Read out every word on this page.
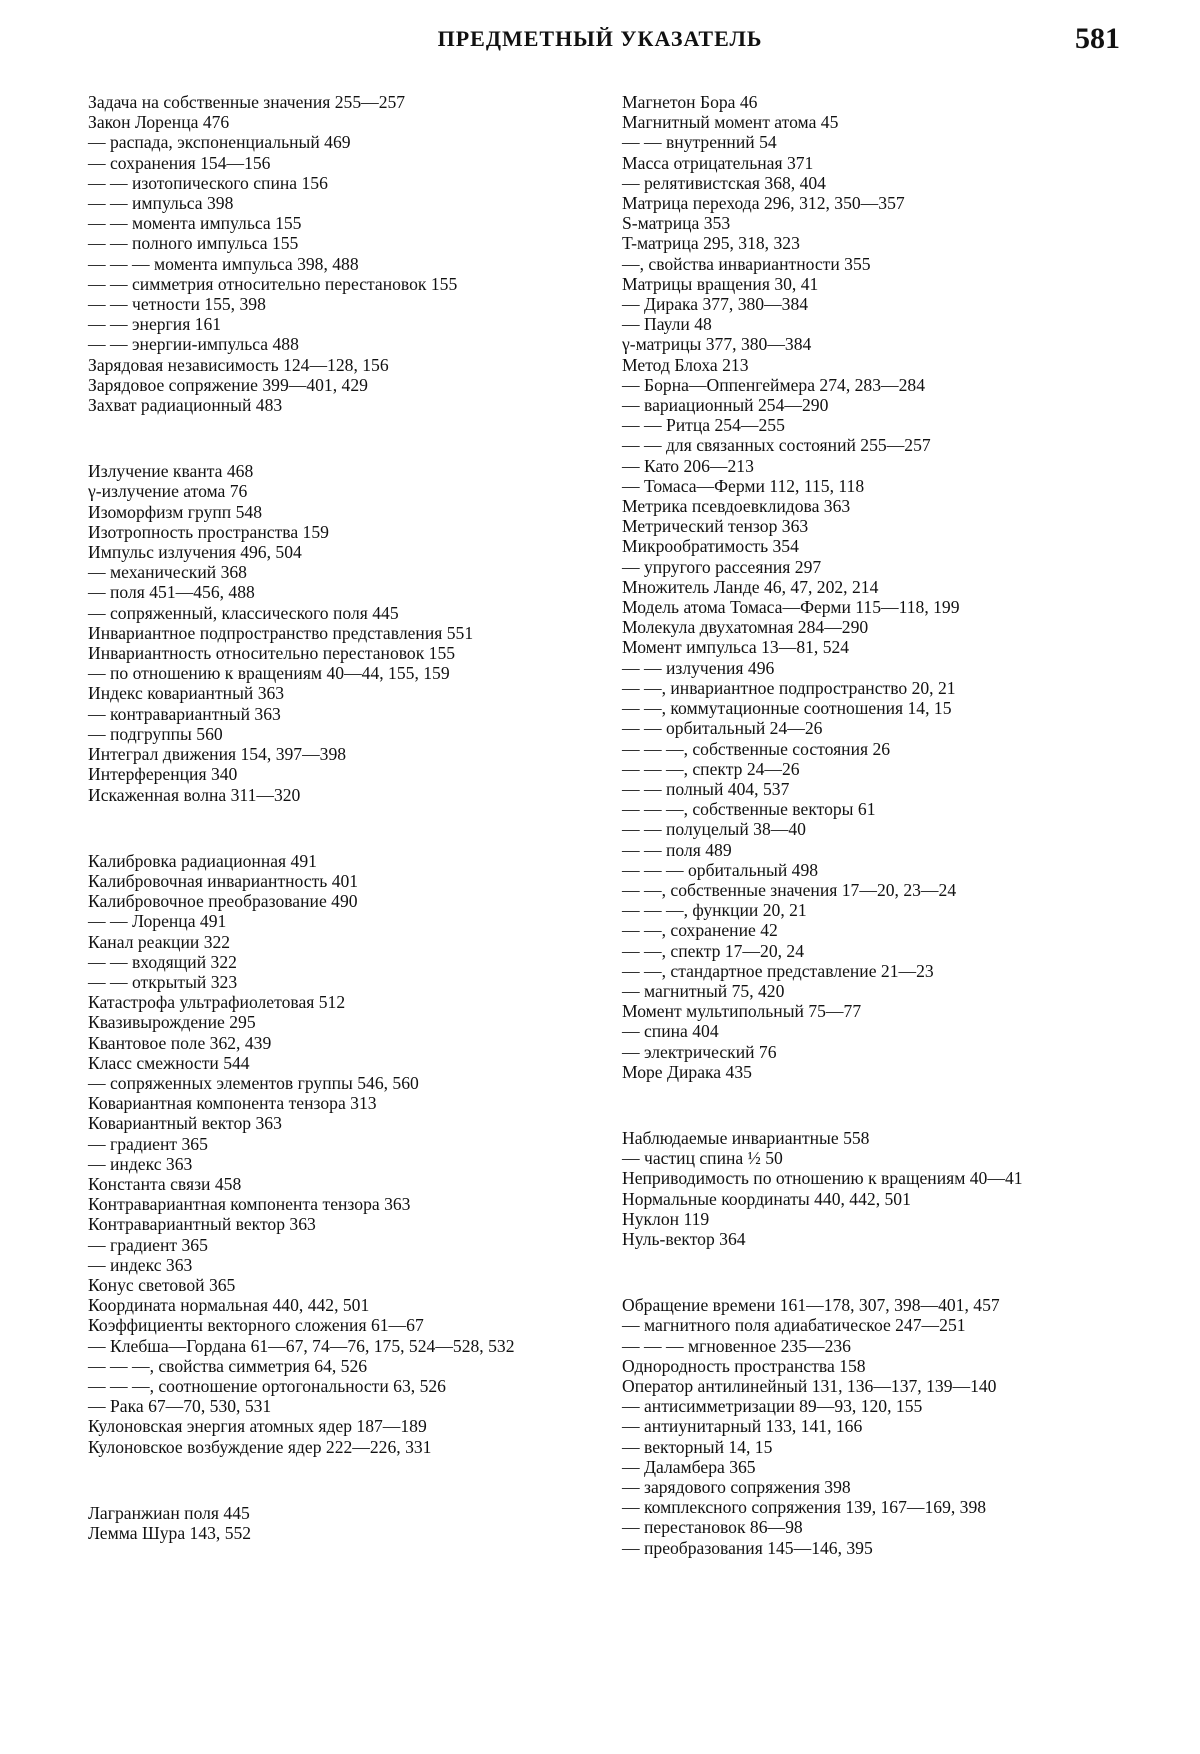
ПРЕДМЕТНЫЙ УКАЗАТЕЛЬ	581

Задача на собственные значения 255—257

Закон Лоренца 476

— распада, экспоненциальный 469

— сохранения 154—156

— — изотопического спина 156

— — импульса 398

— — момента импульса 155

— — полного импульса 155

— — — момента импульса 398, 488

— — симметрия относительно перестановок 155

— — четности 155, 398

— — энергия 161

— — энергии-импульса 488

Зарядовая независимость 124—128, 156

Зарядовое сопряжение 399—401, 429

Захват радиационный 483

Излучение кванта 468

γ-излучение атома 76

Изоморфизм групп 548

Изотропность пространства 159

Импульс излучения 496, 504

— механический 368

— поля 451—456, 488

— сопряженный, классического поля 445

Инвариантное подпространство представления 551

Инвариантность относительно перестановок 155

— по отношению к вращениям 40—44, 155, 159

Индекс ковариантный 363

— контравариантный 363

— подгруппы 560

Интеграл движения 154, 397—398

Интерференция 340

Искаженная волна 311—320

Калибровка радиационная 491

Калибровочная инвариантность 401

Калибровочное преобразование 490

— — Лоренца 491

Канал реакции 322

— — входящий 322

— — открытый 323

Катастрофа ультрафиолетовая 512

Квазивырождение 295

Квантовое поле 362, 439

Класс смежности 544

— сопряженных элементов группы 546, 560

Ковариантная компонента тензора 313

Ковариантный вектор 363

— градиент 365

— индекс 363

Константа связи 458

Контравариантная компонента тензора 363

Контравариантный вектор 363

— градиент 365

— индекс 363

Конус световой 365

Координата нормальная 440, 442, 501

Коэффициенты векторного сложения 61—67

— Клебша—Гордана 61—67, 74—76, 175, 524—528, 532

— — —, свойства симметрия 64, 526

— — —, соотношение ортогональности 63, 526

— Рака 67—70, 530, 531

Кулоновская энергия атомных ядер 187—189

Кулоновское возбуждение ядер 222—226, 331

Лагранжиан поля 445

Лемма Шура 143, 552

Магнетон Бора 46

Магнитный момент атома 45

— — внутренний 54

Масса отрицательная 371

— релятивистская 368, 404

Матрица перехода 296, 312, 350—357

S-матрица 353

T-матрица 295, 318, 323

—, свойства инвариантности 355

Матрицы вращения 30, 41

— Дирака 377, 380—384

— Паули 48

γ-матрицы 377, 380—384

Метод Блоха 213

— Борна—Оппенгеймера 274, 283—284

— вариационный 254—290

— — Ритца 254—255

— — для связанных состояний 255—257

— Като 206—213

— Томаса—Ферми 112, 115, 118

Метрика псевдоевклидова 363

Метрический тензор 363

Микрообратимость 354

— упругого рассеяния 297

Множитель Ланде 46, 47, 202, 214

Модель атома Томаса—Ферми 115—118, 199

Молекула двухатомная 284—290

Момент импульса 13—81, 524

— — излучения 496

— —, инвариантное подпространство 20, 21

— —, коммутационные соотношения 14, 15

— — орбитальный 24—26

— — —, собственные состояния 26

— — —, спектр 24—26

— — полный 404, 537

— — —, собственные векторы 61

— — полуцелый 38—40

— — поля 489

— — — орбитальный 498

— —, собственные значения 17—20, 23—24

— — —, функции 20, 21

— —, сохранение 42

— —, спектр 17—20, 24

— —, стандартное представление 21—23

— магнитный 75, 420

Момент мультипольный 75—77

— спина 404

— электрический 76

Море Дирака 435

Наблюдаемые инвариантные 558

— частиц спина ½ 50

Неприводимость по отношению к вращениям 40—41

Нормальные координаты 440, 442, 501

Нуклон 119

Нуль-вектор 364

Обращение времени 161—178, 307, 398—401, 457

— магнитного поля адиабатическое 247—251

— — — мгновенное 235—236

Однородность пространства 158

Оператор антилинейный 131, 136—137, 139—140

— антисимметризации 89—93, 120, 155

— антиунитарный 133, 141, 166

— векторный 14, 15

— Даламбера 365

— зарядового сопряжения 398

— комплексного сопряжения 139, 167—169, 398

— перестановок 86—98

— преобразования 145—146, 395
